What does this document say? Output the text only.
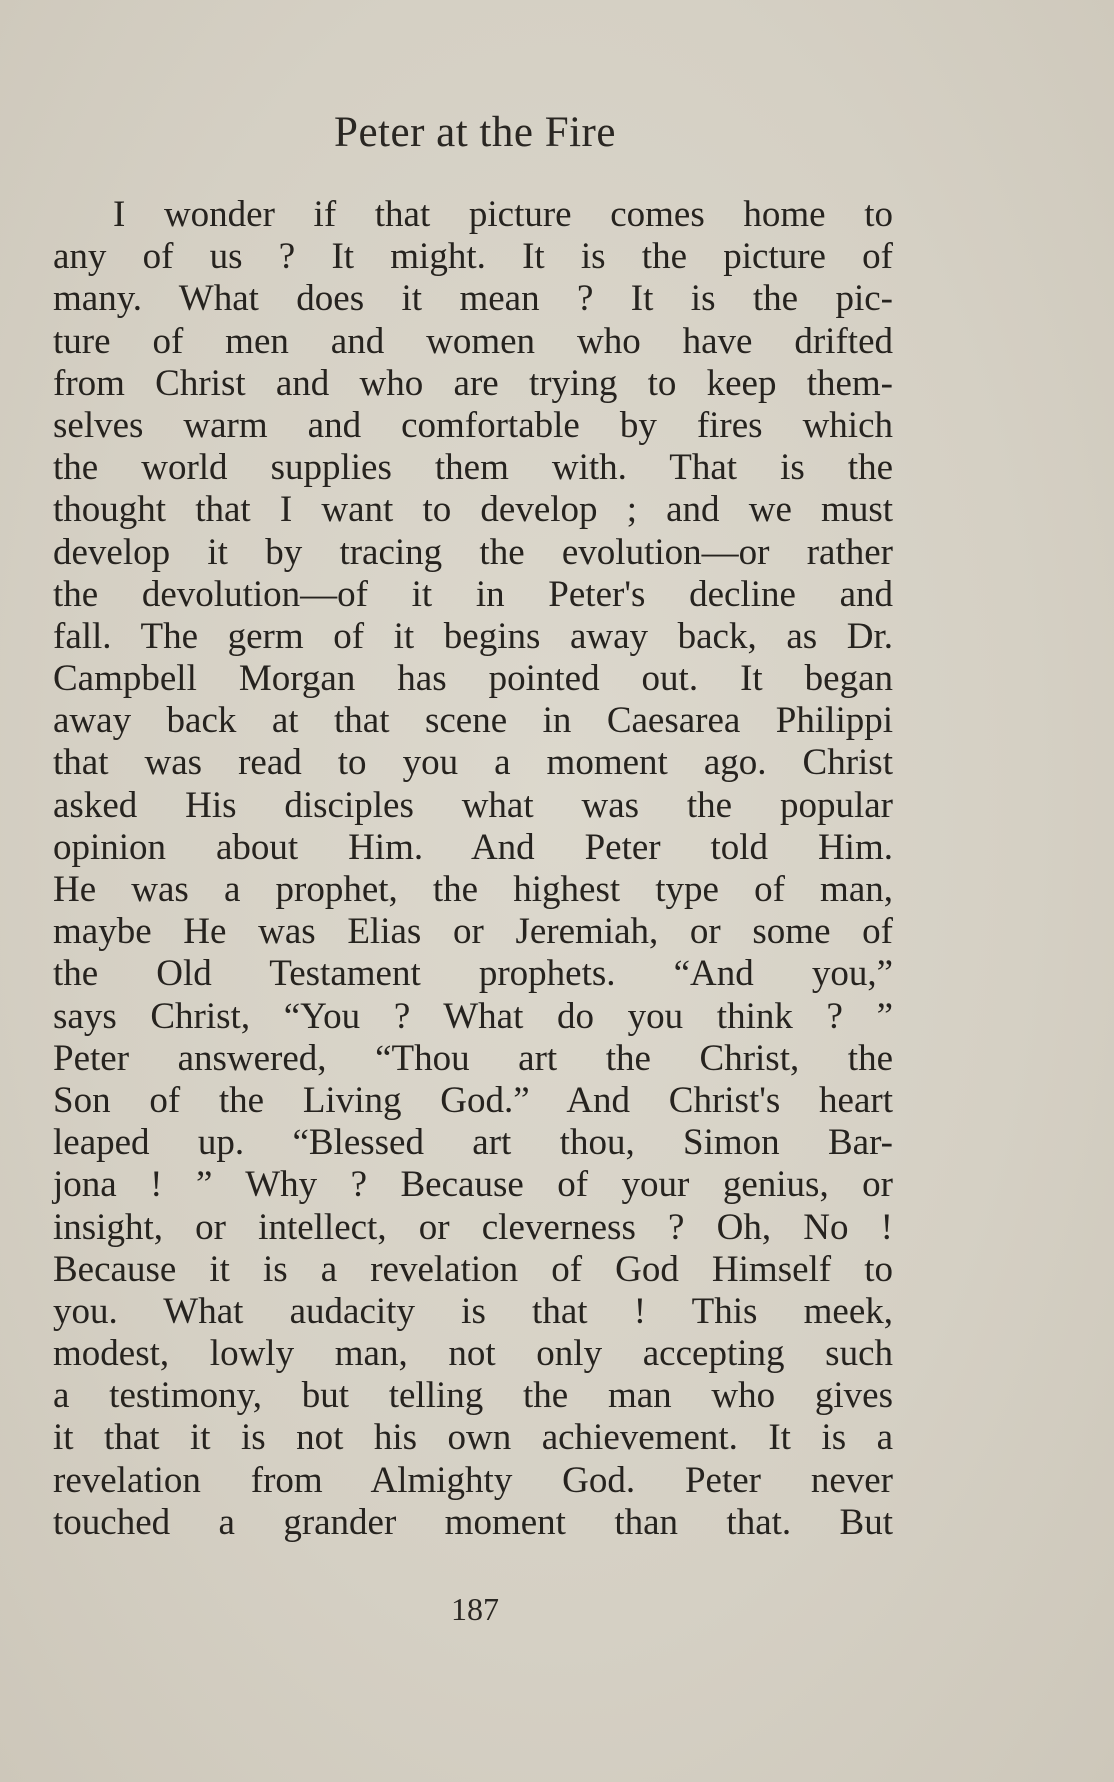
Peter at the Fire
I wonder if that picture comes home to
any of us ? It might. It is the picture of
many. What does it mean ? It is the pic-
ture of men and women who have drifted
from Christ and who are trying to keep them-
selves warm and comfortable by fires which
the world supplies them with. That is the
thought that I want to develop ; and we must
develop it by tracing the evolution—or rather
the devolution—of it in Peter's decline and
fall. The germ of it begins away back, as Dr.
Campbell Morgan has pointed out. It began
away back at that scene in Caesarea Philippi
that was read to you a moment ago. Christ
asked His disciples what was the popular
opinion about Him. And Peter told Him.
He was a prophet, the highest type of man,
maybe He was Elias or Jeremiah, or some of
the Old Testament prophets. “And you,”
says Christ, “You ? What do you think ? ”
Peter answered, “Thou art the Christ, the
Son of the Living God.” And Christ's heart
leaped up. “Blessed art thou, Simon Bar-
jona ! ” Why ? Because of your genius, or
insight, or intellect, or cleverness ? Oh, No !
Because it is a revelation of God Himself to
you. What audacity is that ! This meek,
modest, lowly man, not only accepting such
a testimony, but telling the man who gives
it that it is not his own achievement. It is a
revelation from Almighty God. Peter never
touched a grander moment than that. But
187
